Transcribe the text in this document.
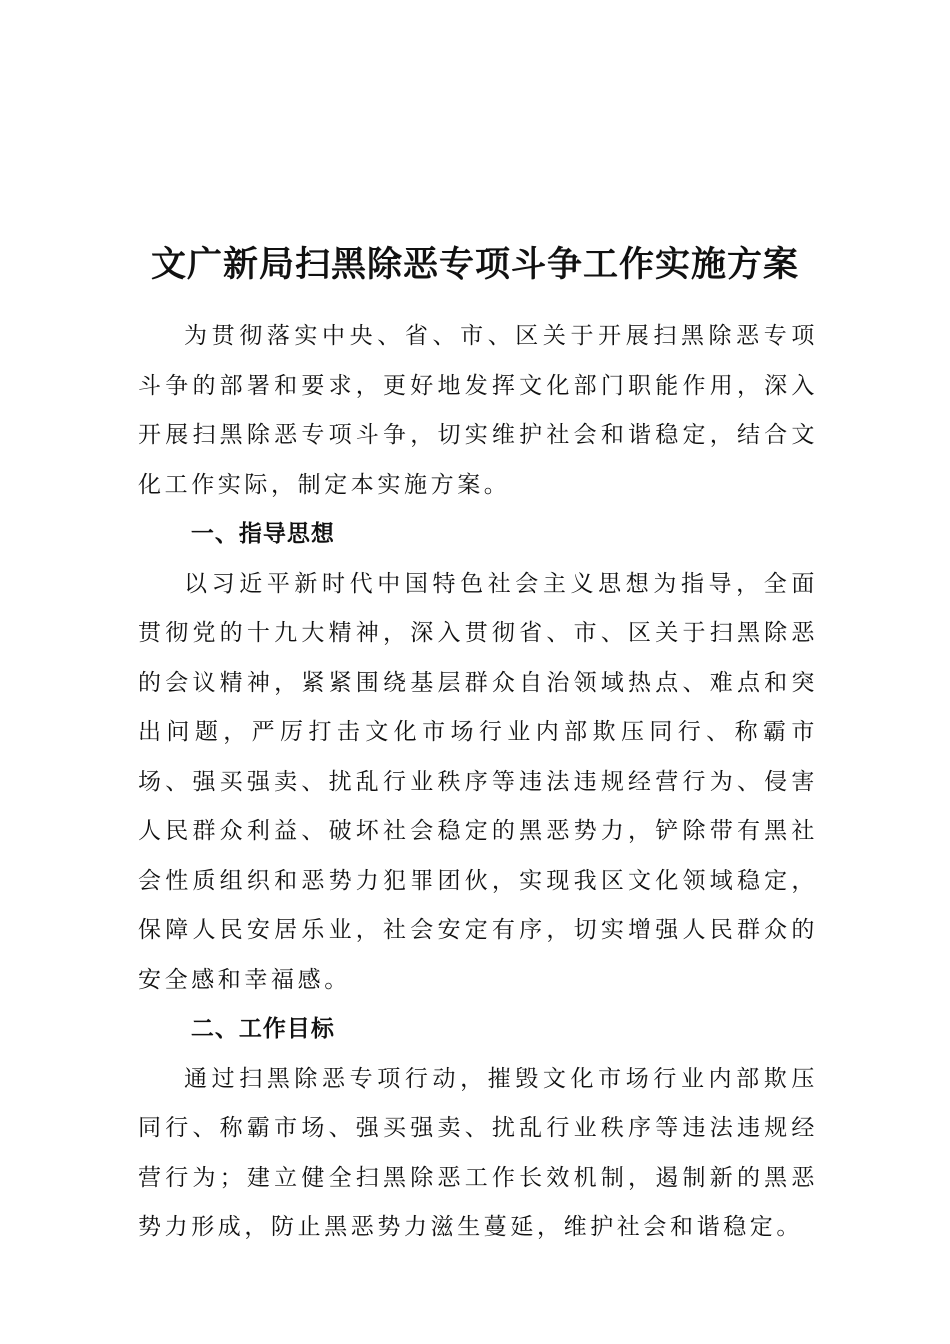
文广新局扫黑除恶专项斗争工作实施方案

为贯彻落实中央、省、市、区关于开展扫黑除恶专项斗争的部署和要求，更好地发挥文化部门职能作用，深入开展扫黑除恶专项斗争，切实维护社会和谐稳定，结合文化工作实际，制定本实施方案。

一、指导思想

以习近平新时代中国特色社会主义思想为指导，全面贯彻党的十九大精神，深入贯彻省、市、区关于扫黑除恶的会议精神，紧紧围绕基层群众自治领域热点、难点和突出问题，严厉打击文化市场行业内部欺压同行、称霸市场、强买强卖、扰乱行业秩序等违法违规经营行为、侵害人民群众利益、破坏社会稳定的黑恶势力，铲除带有黑社会性质组织和恶势力犯罪团伙，实现我区文化领域稳定，保障人民安居乐业，社会安定有序，切实增强人民群众的安全感和幸福感。

二、工作目标

通过扫黑除恶专项行动，摧毁文化市场行业内部欺压同行、称霸市场、强买强卖、扰乱行业秩序等违法违规经营行为；建立健全扫黑除恶工作长效机制，遏制新的黑恶势力形成，防止黑恶势力滋生蔓延，维护社会和谐稳定。
